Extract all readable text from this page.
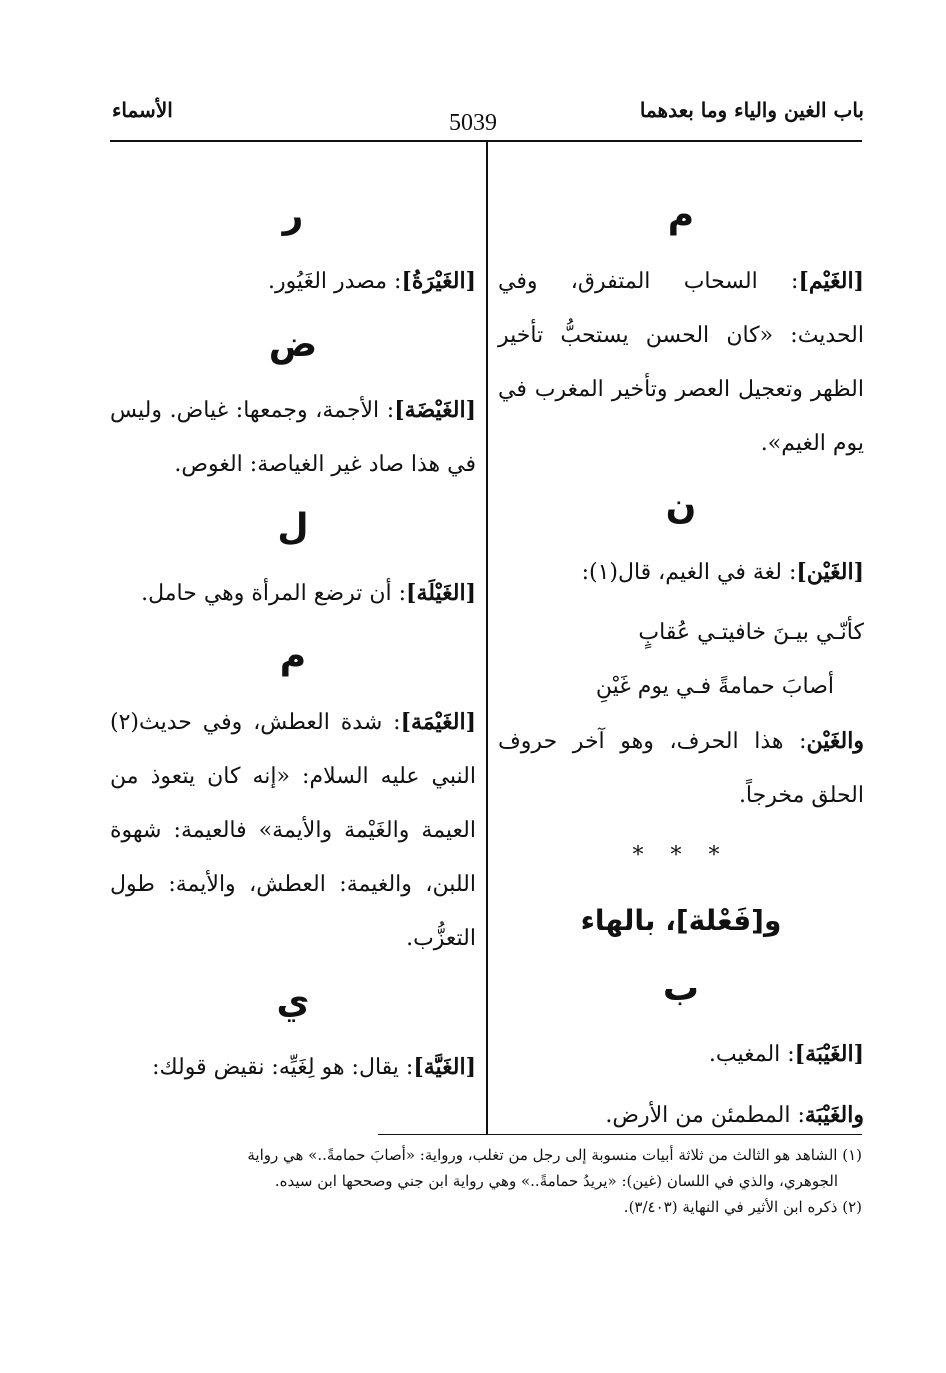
باب الغين والياء وما بعدهما
5039
الأسماء
م

[الغَيْم]: السحاب المتفرق، وفي الحديث: «كان الحسن يستحبُّ تأخير الظهر وتعجيل العصر وتأخير المغرب في يوم الغيم».

ن

[الغَيْن]: لغة في الغيم، قال(١):

كأنّـي بيـنَ خافيتـي عُقابٍ

أصابَ حمامةً فـي يوم غَيْنِ

والغَيْن: هذا الحرف، وهو آخر حروف الحلق مخرجاً.

* * *
و[فَعْلة]، بالهاء
ب

[الغَيْبَة]: المغيب.

والغَيْبَة: المطمئن من الأرض.

ر

[الغَيْرَةُ]: مصدر الغَيُور.

ض

[الغَيْضَة]: الأجمة، وجمعها: غياض. وليس في هذا صاد غير الغياصة: الغوص.

ل

[الغَيْلَة]: أن ترضع المرأة وهي حامل.

م

[الغَيْمَة]: شدة العطش، وفي حديث(٢) النبي عليه السلام: «إنه كان يتعوذ من العيمة والغَيْمة والأيمة» فالعيمة: شهوة اللبن، والغيمة: العطش، والأيمة: طول التعزُّب.

ي

[الغَيَّة]: يقال: هو لِغَيِّه: نقيض قولك:

(١) الشاهد هو الثالث من ثلاثة أبيات منسوبة إلى رجل من تغلب، ورواية: «أصابَ حمامةً..» هي رواية

الجوهري، والذي في اللسان (غين): «يريدُ حمامةً..» وهي رواية ابن جني وصححها ابن سيده.

(٢) ذكره ابن الأثير في النهاية (٣/٤٠٣).
